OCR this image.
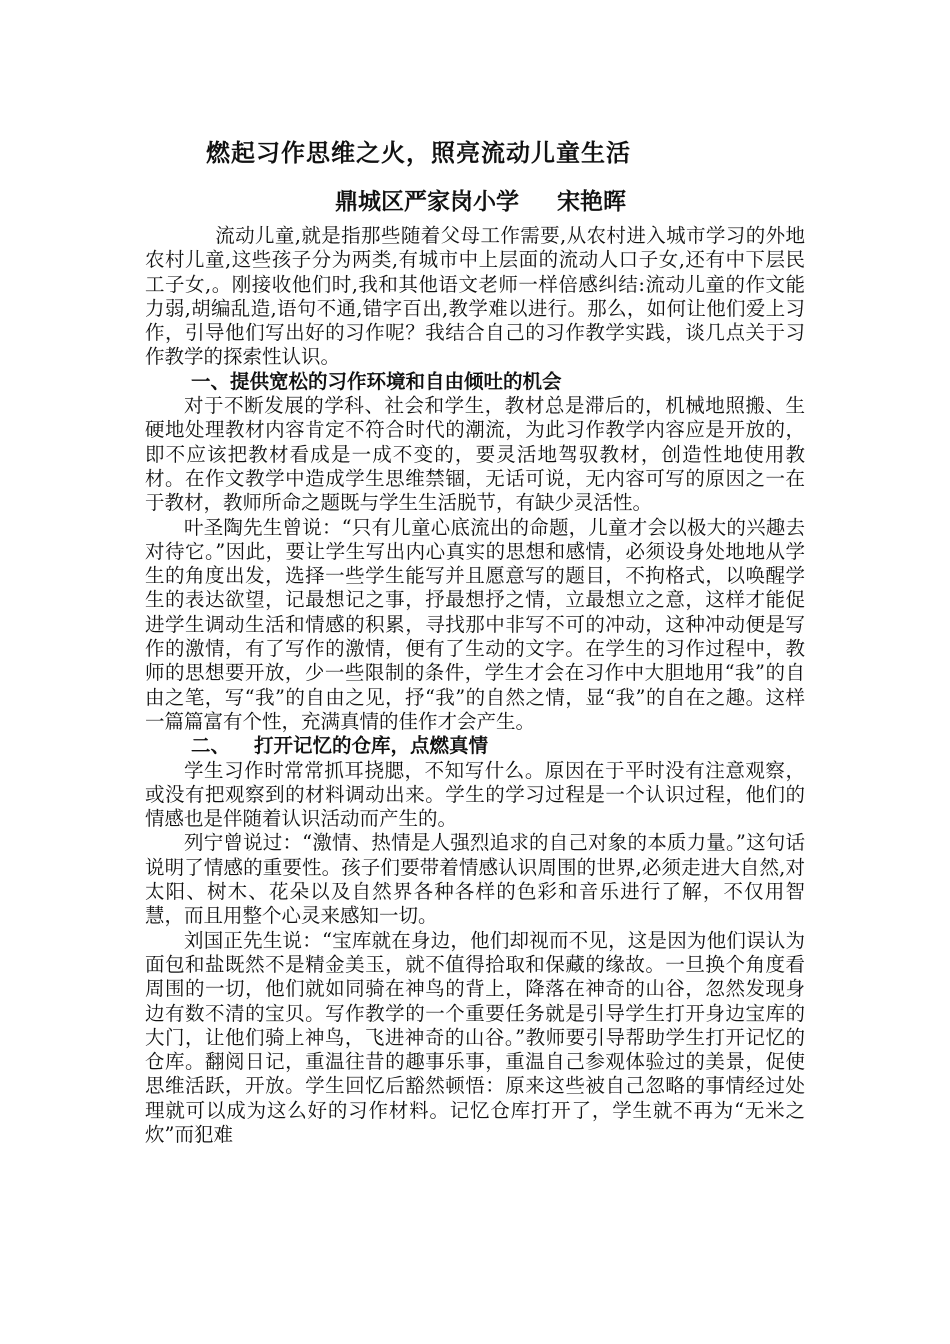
燃起习作思维之火，照亮流动儿童生活
鼎城区严家岗小学 宋艳晖

流动儿童,就是指那些随着父母工作需要,从农村进入城市学习的外地农村儿童,这些孩子分为两类,有城市中上层面的流动人口子女,还有中下层民工子女,。刚接收他们时,我和其他语文老师一样倍感纠结:流动儿童的作文能力弱,胡编乱造,语句不通,错字百出,教学难以进行。那么，如何让他们爱上习作，引导他们写出好的习作呢？我结合自己的习作教学实践，谈几点关于习作教学的探索性认识。

一、提供宽松的习作环境和自由倾吐的机会

对于不断发展的学科、社会和学生，教材总是滞后的，机械地照搬、生硬地处理教材内容肯定不符合时代的潮流，为此习作教学内容应是开放的，即不应该把教材看成是一成不变的，要灵活地驾驭教材，创造性地使用教材。在作文教学中造成学生思维禁锢，无话可说，无内容可写的原因之一在于教材，教师所命之题既与学生生活脱节，有缺少灵活性。

叶圣陶先生曾说：“只有儿童心底流出的命题，儿童才会以极大的兴趣去对待它。”因此，要让学生写出内心真实的思想和感情，必须设身处地地从学生的角度出发，选择一些学生能写并且愿意写的题目，不拘格式，以唤醒学生的表达欲望，记最想记之事，抒最想抒之情，立最想立之意，这样才能促进学生调动生活和情感的积累，寻找那中非写不可的冲动，这种冲动便是写作的激情，有了写作的激情，便有了生动的文字。在学生的习作过程中，教师的思想要开放，少一些限制的条件，学生才会在习作中大胆地用“我”的自由之笔，写“我”的自由之见，抒“我”的自然之情，显“我”的自在之趣。这样一篇篇富有个性，充满真情的佳作才会产生。

二、 打开记忆的仓库，点燃真情

学生习作时常常抓耳挠腮，不知写什么。原因在于平时没有注意观察，或没有把观察到的材料调动出来。学生的学习过程是一个认识过程，他们的情感也是伴随着认识活动而产生的。

列宁曾说过：“激情、热情是人强烈追求的自己对象的本质力量。”这句话说明了情感的重要性。孩子们要带着情感认识周围的世界,必须走进大自然,对太阳、树木、花朵以及自然界各种各样的色彩和音乐进行了解，不仅用智慧，而且用整个心灵来感知一切。

刘国正先生说：“宝库就在身边，他们却视而不见，这是因为他们误认为面包和盐既然不是精金美玉，就不值得拾取和保藏的缘故。一旦换个角度看周围的一切，他们就如同骑在神鸟的背上，降落在神奇的山谷，忽然发现身边有数不清的宝贝。写作教学的一个重要任务就是引导学生打开身边宝库的大门，让他们骑上神鸟，飞进神奇的山谷。”教师要引导帮助学生打开记忆的仓库。翻阅日记，重温往昔的趣事乐事，重温自己参观体验过的美景，促使思维活跃，开放。学生回忆后豁然顿悟：原来这些被自己忽略的事情经过处理就可以成为这么好的习作材料。记忆仓库打开了，学生就不再为“无米之炊”而犯难
